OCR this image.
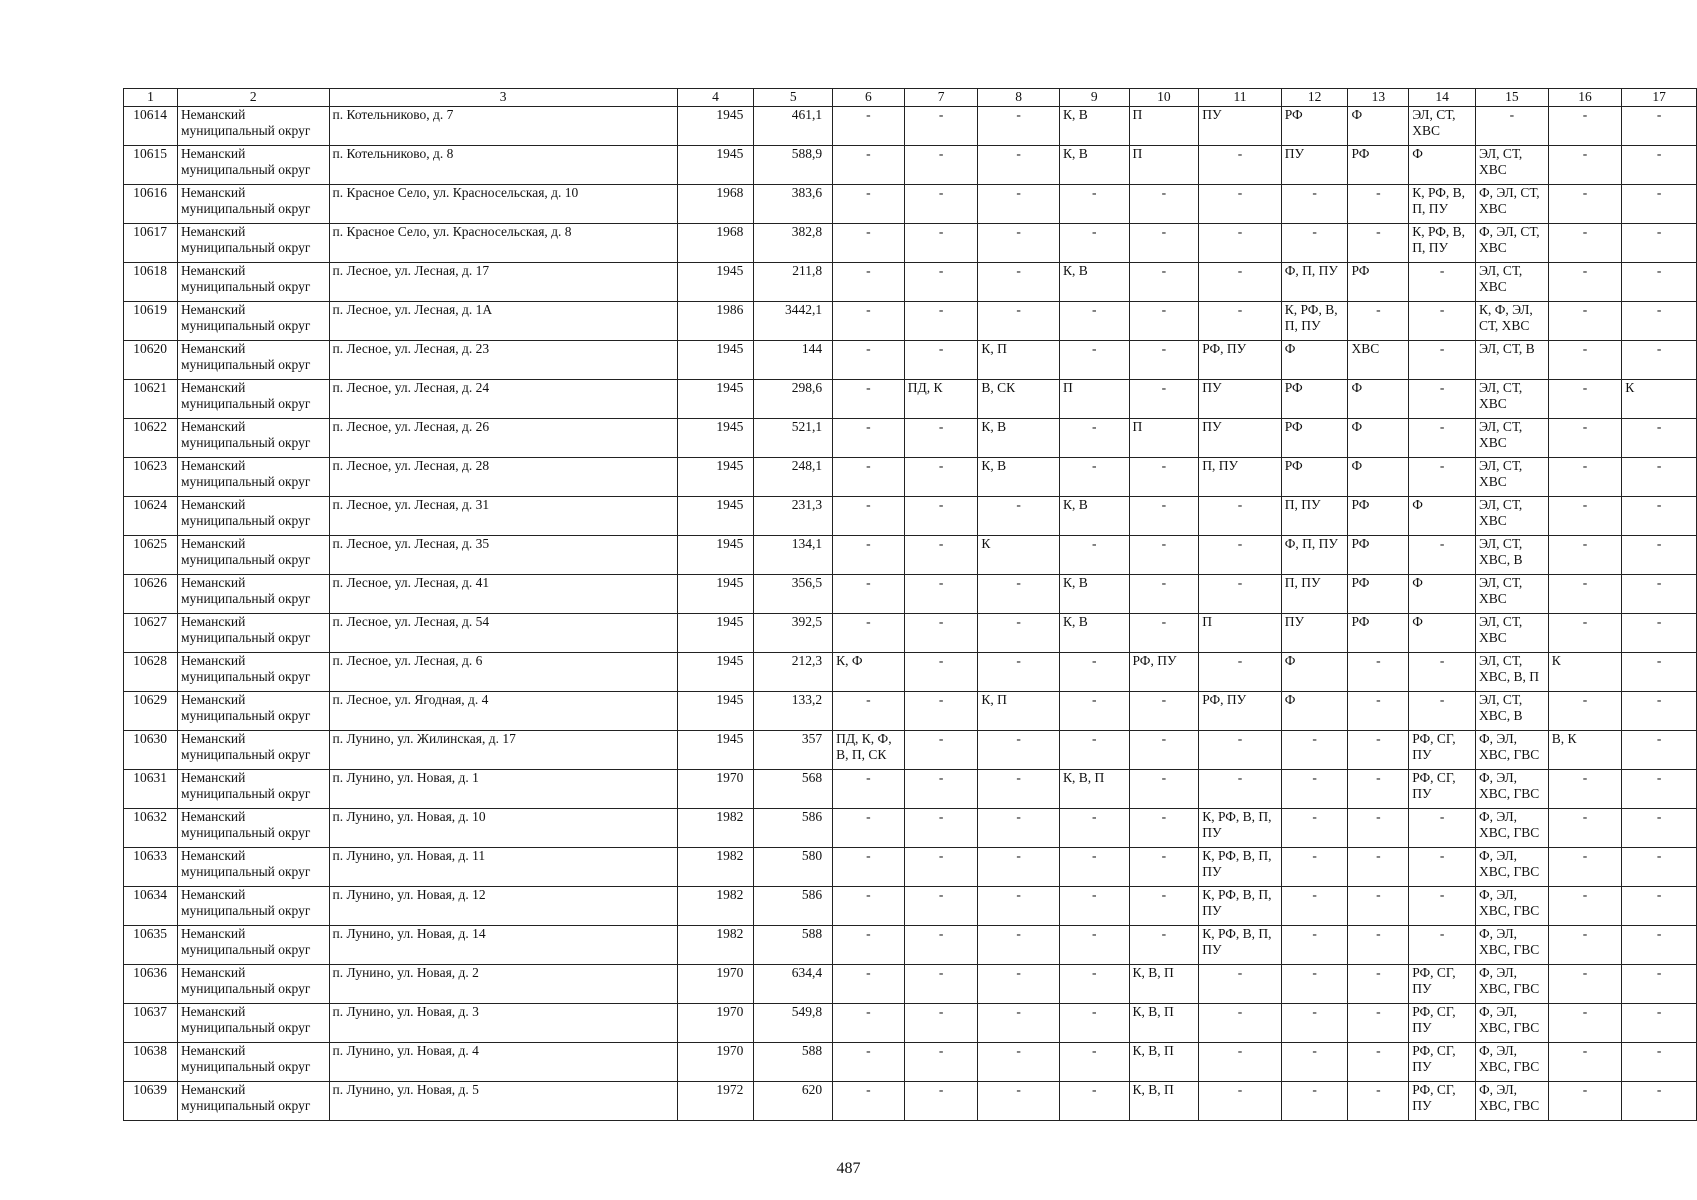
1	2	3	4	5	6	7	8	9	10	11	12	13	14	15	16	17
10614	Неманский муниципальный округ	п. Котельниково, д. 7	1945	461,1	-	-	-	К, В	П	ПУ	РФ	Ф	ЭЛ, СТ, ХВС	-	-	-
10615	Неманский муниципальный округ	п. Котельниково, д. 8	1945	588,9	-	-	-	К, В	П	-	ПУ	РФ	Ф	ЭЛ, СТ, ХВС	-	-
10616	Неманский муниципальный округ	п. Красное Село, ул. Красносельская, д. 10	1968	383,6	-	-	-	-	-	-	-	-	К, РФ, В, П, ПУ	Ф, ЭЛ, СТ, ХВС	-	-
10617	Неманский муниципальный округ	п. Красное Село, ул. Красносельская, д. 8	1968	382,8	-	-	-	-	-	-	-	-	К, РФ, В, П, ПУ	Ф, ЭЛ, СТ, ХВС	-	-
10618	Неманский муниципальный округ	п. Лесное, ул. Лесная, д. 17	1945	211,8	-	-	-	К, В	-	-	Ф, П, ПУ	РФ	-	ЭЛ, СТ, ХВС	-	-
10619	Неманский муниципальный округ	п. Лесное, ул. Лесная, д. 1А	1986	3442,1	-	-	-	-	-	-	К, РФ, В, П, ПУ	-	-	К, Ф, ЭЛ, СТ, ХВС	-	-
10620	Неманский муниципальный округ	п. Лесное, ул. Лесная, д. 23	1945	144	-	-	К, П	-	-	РФ, ПУ	Ф	ХВС	-	ЭЛ, СТ, В	-	-
10621	Неманский муниципальный округ	п. Лесное, ул. Лесная, д. 24	1945	298,6	-	ПД, К	В, СК	П	-	ПУ	РФ	Ф	-	ЭЛ, СТ, ХВС	-	К
10622	Неманский муниципальный округ	п. Лесное, ул. Лесная, д. 26	1945	521,1	-	-	К, В	-	П	ПУ	РФ	Ф	-	ЭЛ, СТ, ХВС	-	-
10623	Неманский муниципальный округ	п. Лесное, ул. Лесная, д. 28	1945	248,1	-	-	К, В	-	-	П, ПУ	РФ	Ф	-	ЭЛ, СТ, ХВС	-	-
10624	Неманский муниципальный округ	п. Лесное, ул. Лесная, д. 31	1945	231,3	-	-	-	К, В	-	-	П, ПУ	РФ	Ф	ЭЛ, СТ, ХВС	-	-
10625	Неманский муниципальный округ	п. Лесное, ул. Лесная, д. 35	1945	134,1	-	-	К	-	-	-	Ф, П, ПУ	РФ	-	ЭЛ, СТ, ХВС, В	-	-
10626	Неманский муниципальный округ	п. Лесное, ул. Лесная, д. 41	1945	356,5	-	-	-	К, В	-	-	П, ПУ	РФ	Ф	ЭЛ, СТ, ХВС	-	-
10627	Неманский муниципальный округ	п. Лесное, ул. Лесная, д. 54	1945	392,5	-	-	-	К, В	-	П	ПУ	РФ	Ф	ЭЛ, СТ, ХВС	-	-
10628	Неманский муниципальный округ	п. Лесное, ул. Лесная, д. 6	1945	212,3	К, Ф	-	-	-	РФ, ПУ	-	Ф	-	-	ЭЛ, СТ, ХВС, В, П	К	-
10629	Неманский муниципальный округ	п. Лесное, ул. Ягодная, д. 4	1945	133,2	-	-	К, П	-	-	РФ, ПУ	Ф	-	-	ЭЛ, СТ, ХВС, В	-	-
10630	Неманский муниципальный округ	п. Лунино, ул. Жилинская, д. 17	1945	357	ПД, К, Ф, В, П, СК	-	-	-	-	-	-	-	РФ, СГ, ПУ	Ф, ЭЛ, ХВС, ГВС	В, К	-
10631	Неманский муниципальный округ	п. Лунино, ул. Новая, д. 1	1970	568	-	-	-	К, В, П	-	-	-	-	РФ, СГ, ПУ	Ф, ЭЛ, ХВС, ГВС	-	-
10632	Неманский муниципальный округ	п. Лунино, ул. Новая, д. 10	1982	586	-	-	-	-	-	К, РФ, В, П, ПУ	-	-	-	Ф, ЭЛ, ХВС, ГВС	-	-
10633	Неманский муниципальный округ	п. Лунино, ул. Новая, д. 11	1982	580	-	-	-	-	-	К, РФ, В, П, ПУ	-	-	-	Ф, ЭЛ, ХВС, ГВС	-	-
10634	Неманский муниципальный округ	п. Лунино, ул. Новая, д. 12	1982	586	-	-	-	-	-	К, РФ, В, П, ПУ	-	-	-	Ф, ЭЛ, ХВС, ГВС	-	-
10635	Неманский муниципальный округ	п. Лунино, ул. Новая, д. 14	1982	588	-	-	-	-	-	К, РФ, В, П, ПУ	-	-	-	Ф, ЭЛ, ХВС, ГВС	-	-
10636	Неманский муниципальный округ	п. Лунино, ул. Новая, д. 2	1970	634,4	-	-	-	-	К, В, П	-	-	-	РФ, СГ, ПУ	Ф, ЭЛ, ХВС, ГВС	-	-
10637	Неманский муниципальный округ	п. Лунино, ул. Новая, д. 3	1970	549,8	-	-	-	-	К, В, П	-	-	-	РФ, СГ, ПУ	Ф, ЭЛ, ХВС, ГВС	-	-
10638	Неманский муниципальный округ	п. Лунино, ул. Новая, д. 4	1970	588	-	-	-	-	К, В, П	-	-	-	РФ, СГ, ПУ	Ф, ЭЛ, ХВС, ГВС	-	-
10639	Неманский муниципальный округ	п. Лунино, ул. Новая, д. 5	1972	620	-	-	-	-	К, В, П	-	-	-	РФ, СГ, ПУ	Ф, ЭЛ, ХВС, ГВС	-	-
487
